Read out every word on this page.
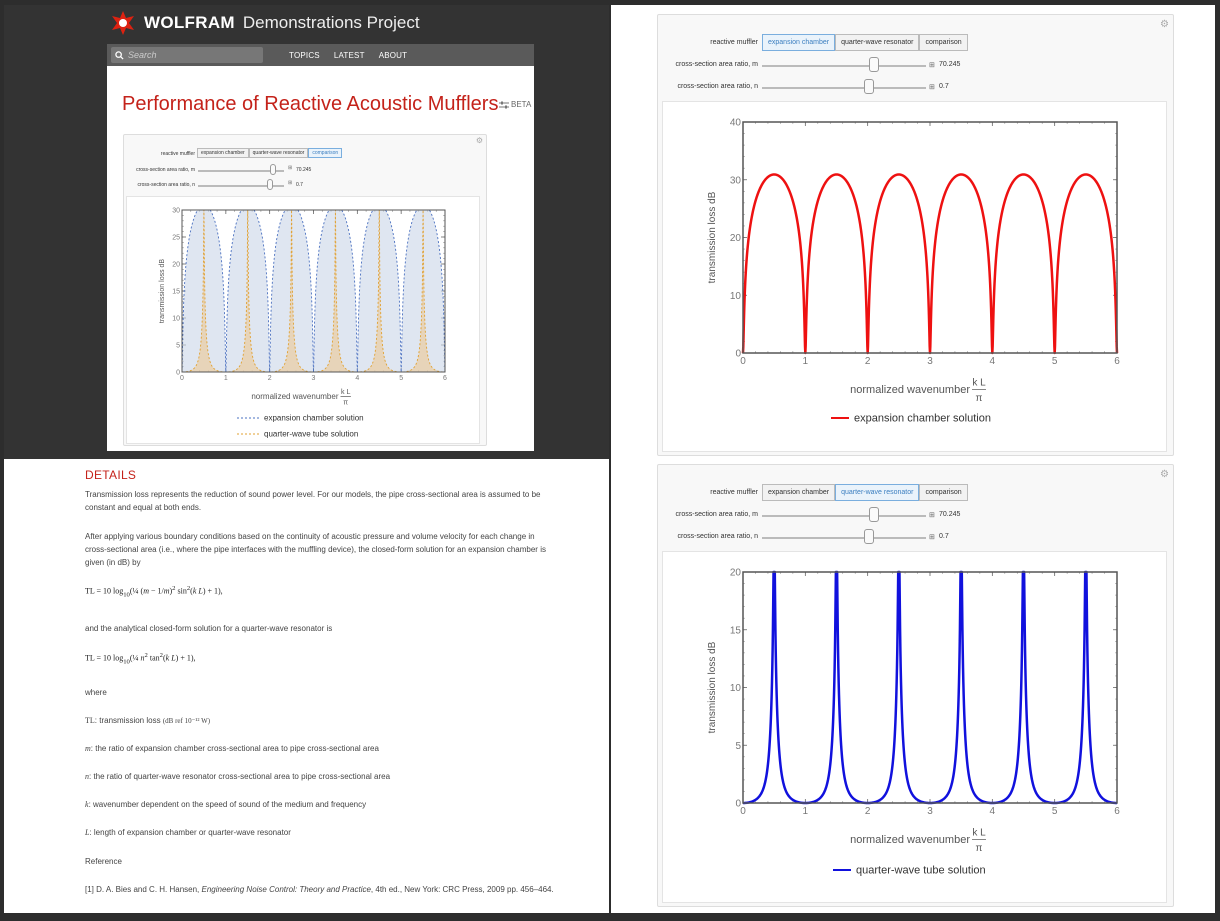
WOLFRAM Demonstrations Project
Search	TOPICS LATEST ABOUT
Performance of Reactive Acoustic Mufflers BETA
⚙
reactive muffler	expansion chamber	quarter-wave resonator	comparison
cross-section area ratio, m	⊞ 70.245
cross-section area ratio, n	⊞ 0.7
0	1	2	3	4	5	6
0
5
10
15
20
25
30
transmission loss dB
normalized wavenumber k L
π
expansion chamber solution
quarter-wave tube solution
⚙
reactive muffler	expansion chamber	quarter-wave resonator	comparison
cross-section area ratio, m	⊞ 70.245
cross-section area ratio, n	⊞ 0.7
0	1	2	3	4	5	6
0
10
20
30
40
transmission loss dB
normalized wavenumber
k L
π
expansion chamber solution
⚙
reactive muffler	expansion chamber	quarter-wave resonator	comparison
cross-section area ratio, m	⊞ 70.245
cross-section area ratio, n	⊞ 0.7
0	1	2	3	4	5	6
0
5
10
15
20
transmission loss dB
normalized wavenumber
k L
π
quarter-wave tube solution
DETAILS
Transmission loss represents the reduction of sound power level. For our models, the pipe cross-sectional area is assumed to be constant and equal at both ends.
After applying various boundary conditions based on the continuity of acoustic pressure and volume velocity for each change in cross-sectional area (i.e., where the pipe interfaces with the muffling device), the closed-form solution for an expansion chamber is given (in dB) by
TL = 10 $\log_{10}(\frac{1}{4}$ $(m - 1/m)^2$ $\sin^2(k$ L) + 1),
and the analytical closed-form solution for a quarter-wave resonator is
TL = 10 $\log_{10}(\frac{1}{4}$ $n^2$ $\tan^2(k$ L) + 1),
where
TL: transmission loss (dB ref 10⁻¹² W)
m: the ratio of expansion chamber cross-sectional area to pipe cross-sectional area
n: the ratio of quarter-wave resonator cross-sectional area to pipe cross-sectional area
k: wavenumber dependent on the speed of sound of the medium and frequency
L: length of expansion chamber or quarter-wave resonator
Reference
[1] D. A. Bies and C. H. Hansen, Engineering Noise Control: Theory and Practice, 4th ed., New York: CRC Press, 2009 pp. 456–464.
